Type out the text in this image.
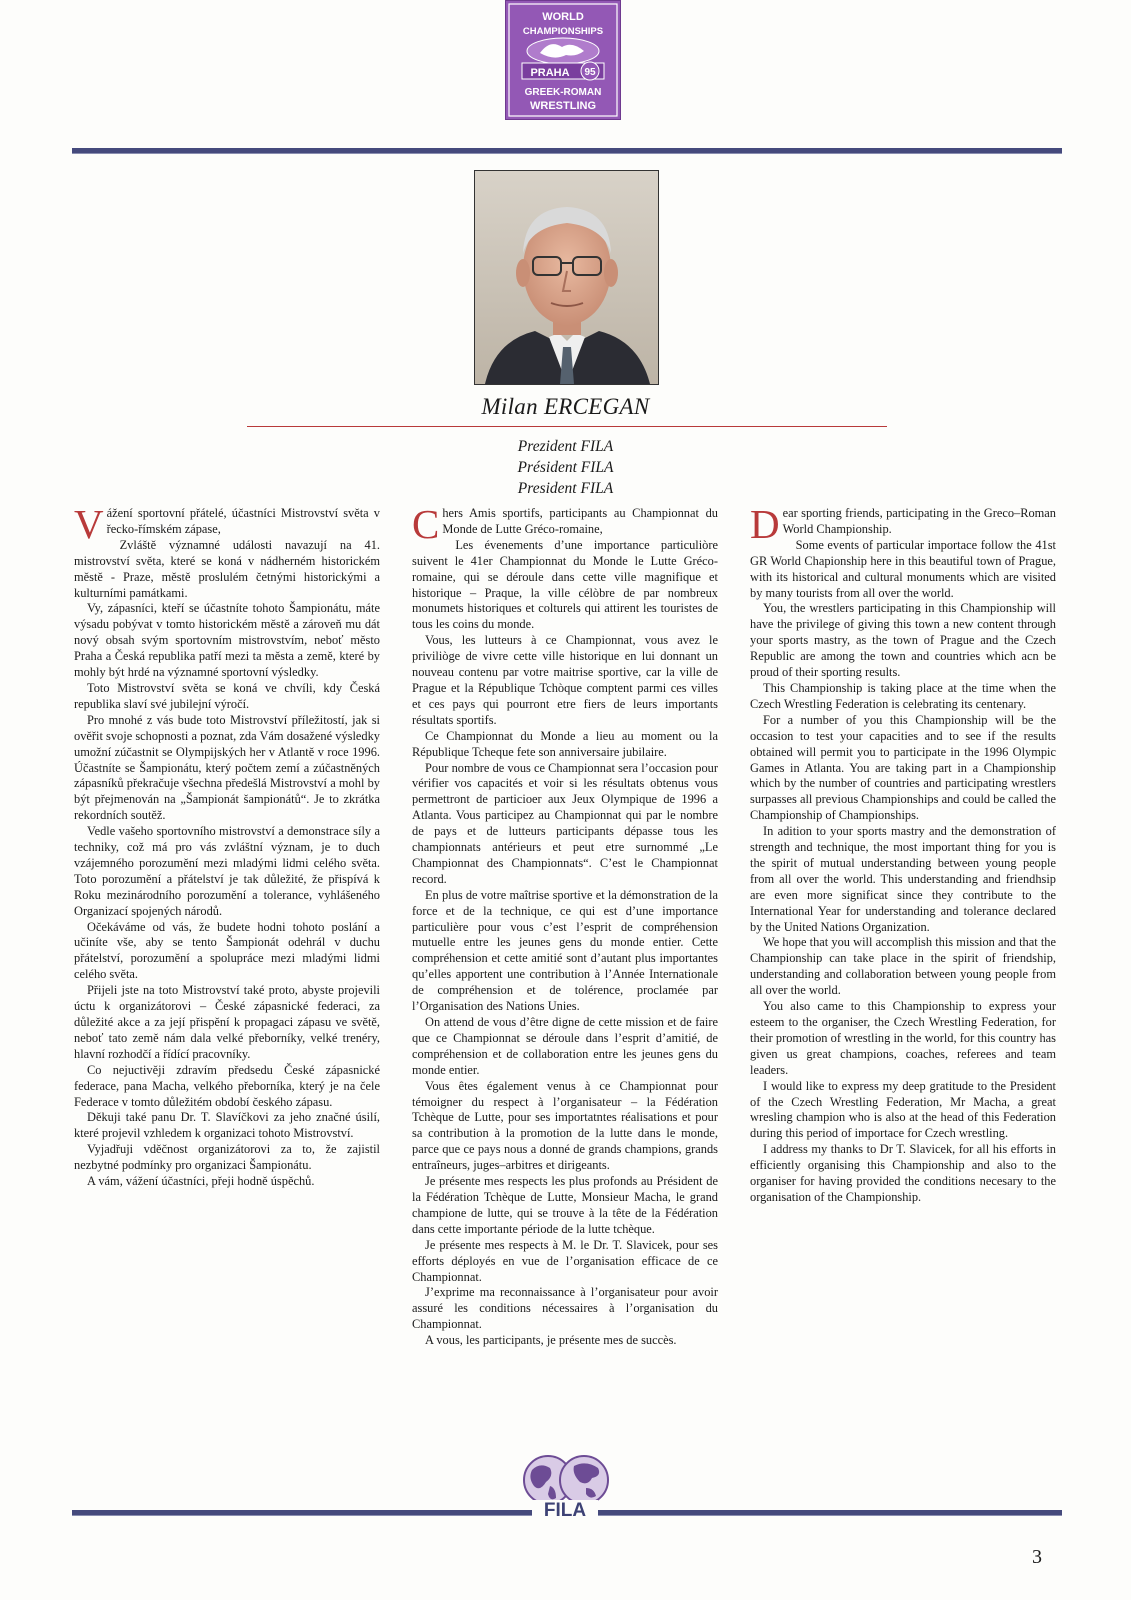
WORLD
CHAMPIONSHIPS
PRAHA 95
GREEK-ROMAN
WRESTLING
Milan ERCEGAN
Prezident FILA
Président FILA
President FILA

Vážení sportovní přátelé, účastníci Mistrovství světa v řecko-římském zápase,

Zvláště významné události navazují na 41. mistrovství světa, které se koná v nádherném historickém městě - Praze, městě proslulém četnými historickými a kulturními památkami.

Vy, zápasníci, kteří se účastníte tohoto Šampionátu, máte výsadu pobývat v tomto historickém městě a zároveň mu dát nový obsah svým sportovním mistrovstvím, neboť město Praha a Česká republika patří mezi ta města a země, které by mohly být hrdé na významné sportovní výsledky.

Toto Mistrovství světa se koná ve chvíli, kdy Česká republika slaví své jubilejní výročí.

Pro mnohé z vás bude toto Mistrovství příležitostí, jak si ověřit svoje schopnosti a poznat, zda Vám dosažené výsledky umožní zúčastnit se Olympijských her v Atlantě v roce 1996. Účastníte se Šampionátu, který počtem zemí a zúčastněných zápasníků překračuje všechna předešlá Mistrovství a mohl by být přejmenován na „Šampionát šampionátů“. Je to zkrátka rekordních soutěž.

Vedle vašeho sportovního mistrovství a demonstrace síly a techniky, což má pro vás zvláštní význam, je to duch vzájemného porozumění mezi mladými lidmi celého světa. Toto porozumění a přátelství je tak důležité, že přispívá k Roku mezinárodního porozumění a tolerance, vyhlášeného Organizací spojených národů.

Očekáváme od vás, že budete hodni tohoto poslání a učiníte vše, aby se tento Šampionát odehrál v duchu přátelství, porozumění a spolupráce mezi mladými lidmi celého světa.

Přijeli jste na toto Mistrovství také proto, abyste projevili úctu k organizátorovi – České zápasnické federaci, za důležité akce a za její přispění k propagaci zápasu ve světě, neboť tato země nám dala velké přeborníky, velké trenéry, hlavní rozhodčí a řídící pracovníky.

Co nejuctivěji zdravím předsedu České zápasnické federace, pana Macha, velkého přeborníka, který je na čele Federace v tomto důležitém období českého zápasu.

Děkuji také panu Dr. T. Slavíčkovi za jeho značné úsilí, které projevil vzhledem k organizaci tohoto Mistrovství.

Vyjadřuji vděčnost organizátorovi za to, že zajistil nezbytné podmínky pro organizaci Šampionátu.

A vám, vážení účastníci, přeji hodně úspěchů.

Chers Amis sportifs, participants au Championnat du Monde de Lutte Gréco-romaine,

Les évenements d’une importance particuliòre suivent le 41er Championnat du Monde le Lutte Gréco-romaine, qui se déroule dans cette ville magnifique et historique – Praque, la ville célòbre de par nombreux monumets historiques et colturels qui attirent les touristes de tous les coins du monde.

Vous, les lutteurs à ce Championnat, vous avez le priviliòge de vivre cette ville historique en lui donnant un nouveau contenu par votre maitrise sportive, car la ville de Prague et la République Tchòque comptent parmi ces villes et ces pays qui pourront etre fiers de leurs importants résultats sportifs.

Ce Championnat du Monde a lieu au moment ou la République Tcheque fete son anniversaire jubilaire.

Pour nombre de vous ce Championnat sera l’occasion pour vérifier vos capacités et voir si les résultats obtenus vous permettront de particioer aux Jeux Olympique de 1996 a Atlanta. Vous participez au Championnat qui par le nombre de pays et de lutteurs participants dépasse tous les championnats antérieurs et peut etre surnommé „Le Championnat des Championnats“. C’est le Championnat record.

En plus de votre maîtrise sportive et la démonstration de la force et de la technique, ce qui est d’une importance particulière pour vous c’est l’esprit de compréhension mutuelle entre les jeunes gens du monde entier. Cette compréhension et cette amitié sont d’autant plus importantes qu’elles apportent une contribution à l’Année Internationale de compréhension et de tolérence, proclamée par l’Organisation des Nations Unies.

On attend de vous d’être digne de cette mission et de faire que ce Championnat se déroule dans l’esprit d’amitié, de compréhension et de collaboration entre les jeunes gens du monde entier.

Vous êtes également venus à ce Championnat pour témoigner du respect à l’organisateur – la Fédération Tchèque de Lutte, pour ses importatntes réalisations et pour sa contribution à la promotion de la lutte dans le monde, parce que ce pays nous a donné de grands champions, grands entraîneurs, juges–arbitres et dirigeants.

Je présente mes respects les plus profonds au Président de la Fédération Tchèque de Lutte, Monsieur Macha, le grand champione de lutte, qui se trouve à la tête de la Fédération dans cette importante période de la lutte tchèque.

Je présente mes respects à M. le Dr. T. Slavicek, pour ses efforts déployés en vue de l’organisation efficace de ce Championnat.

J’exprime ma reconnaissance à l’organisateur pour avoir assuré les conditions nécessaires à l’organisation du Championnat.

A vous, les participants, je présente mes de succès.

Dear sporting friends, participating in the Greco–Roman World Championship.

Some events of particular importace follow the 41st GR World Chapionship here in this beautiful town of Prague, with its historical and cultural monuments which are visited by many tourists from all over the world.

You, the wrestlers participating in this Championship will have the privilege of giving this town a new content through your sports mastry, as the town of Prague and the Czech Republic are among the town and countries which acn be proud of their sporting results.

This Championship is taking place at the time when the Czech Wrestling Federation is celebrating its centenary.

For a number of you this Championship will be the occasion to test your capacities and to see if the results obtained will permit you to participate in the 1996 Olympic Games in Atlanta. You are taking part in a Championship which by the number of countries and participating wrestlers surpasses all previous Championships and could be called the Championship of Championships.

In adition to your sports mastry and the demonstration of strength and technique, the most important thing for you is the spirit of mutual understanding between young people from all over the world. This understanding and friendhsip are even more significat since they contribute to the International Year for understanding and tolerance declared by the United Nations Organization.

We hope that you will accomplish this mission and that the Championship can take place in the spirit of friendship, understanding and collaboration between young people from all over the world.

You also came to this Championship to express your esteem to the organiser, the Czech Wrestling Federation, for their promotion of wrestling in the world, for this country has given us great champions, coaches, referees and team leaders.

I would like to express my deep gratitude to the President of the Czech Wrestling Federation, Mr Macha, a great wresling champion who is also at the head of this Federation during this period of importace for Czech wrestling.

I address my thanks to Dr T. Slavicek, for all his efforts in efficiently organising this Championship and also to the organiser for having provided the conditions necesary to the organisation of the Championship.

FILA
3
